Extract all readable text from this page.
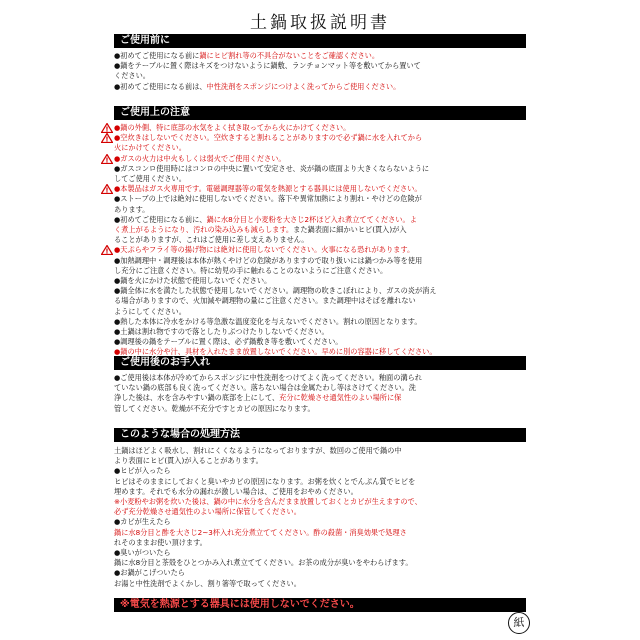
土鍋取扱説明書
ご使用前に
●初めてご使用になる前に鍋にヒビ割れ等の不具合がないことをご確認ください。
●鍋をテーブルに置く際はキズをつけないように鍋敷、ランチョンマット等を敷いてから置いて
ください。
●初めてご使用になる前は、中性洗剤をスポンジにつけよく洗ってからご使用ください。
ご使用上の注意
●鍋の外側、特に底部の水気をよく拭き取ってから火にかけてください。
●空炊きはしないでください。空炊きすると割れることがありますので必ず鍋に水を入れてから
火にかけてください。
●ガスの火力は中火もしくは弱火でご使用ください。
●ガスコンロ使用時にはコンロの中央に置いて安定させ、炎が鍋の底面より大きくならないように
してご使用ください。
●本製品はガス火専用です。電磁調理器等の電気を熱源とする器具には使用しないでください。
●ストーブの上では絶対に使用しないでください。落下や異常加熱により割れ・やけどの危険が
あります。
●初めてご使用になる前に、鍋に水8分目と小麦粉を大さじ2杯ほど入れ煮立ててください。よ
く煮上がるようになり、汚れの染み込みも減らします。また鍋表面に細かいヒビ(貫入)が入
ることがありますが、これはご使用に差し支えありません。
●天ぷらやフライ等の揚げ物には絶対に使用しないでください。火事になる恐れがあります。
●加熱調理中・調理後は本体が熱くやけどの危険がありますので取り扱いには鍋つかみ等を使用
し充分にご注意ください。特に幼児の手に触れることのないようにご注意ください。
●鍋を火にかけた状態で使用しないでください。
●鍋全体に水を満たした状態で使用しないでください。調理物の吹きこぼれにより、ガスの炎が消え
る場合がありますので、火加減や調理物の量にご注意ください。また調理中はそばを離れない
ようにしてください。
●熱した本体に冷水をかける等急激な温度変化を与えないでください。割れの原因となります。
●土鍋は割れ物ですので落としたりぶつけたりしないでください。
●調理後の鍋をテーブルに置く際は、必ず鍋敷き等を敷いてください。
●鍋の中に水分や汁、具材を入れたまま放置しないでください。早めに別の容器に移してください。
ご使用後のお手入れ
●ご使用後は本体が冷めてからスポンジに中性洗剤をつけてよく洗ってください。釉面の溝られ
ていない鍋の底部も良く洗ってください。落ちない場合は金属たわし等はさけてください。洗
浄した後は、水を含みやすい鍋の底部を上にして、充分に乾燥させ通気性のよい場所に保
管してください。乾燥が不充分ですとカビの原因になります。
このような場合の処理方法
土鍋はほどよく吸水し、割れにくくなるようになっておりますが、数回のご使用で鍋の中
より表面にヒビ(貫入)が入ることがあります。
●ヒビが入ったら
ヒビはそのままにしておくと臭いやカビの原因になります。お粥を炊くとでんぷん質でヒビを
埋めます。それでも水分の漏れが激しい場合は、ご使用をおやめください。
※小麦粉やお粥を炊いた後は、鍋の中に水分を含んだまま放置しておくとカビが生えますので、
必ず充分乾燥させ通気性のよい場所に保管してください。
●カビが生えたら
鍋に水8分目と酢を大さじ2~3杯入れ充分煮立ててください。酢の殺菌・消臭効果で処理さ
れそのままお使い頂けます。
●臭いがついたら
鍋に水8分目と茶殻をひとつかみ入れ煮立ててください。お茶の成分が臭いをやわらげます。
●お鍋がこげついたら
お湯と中性洗剤でよくかし、割り箸等で取ってください。
※電気を熱源とする器具には使用しないでください。
紙
!
!
!
!
!
